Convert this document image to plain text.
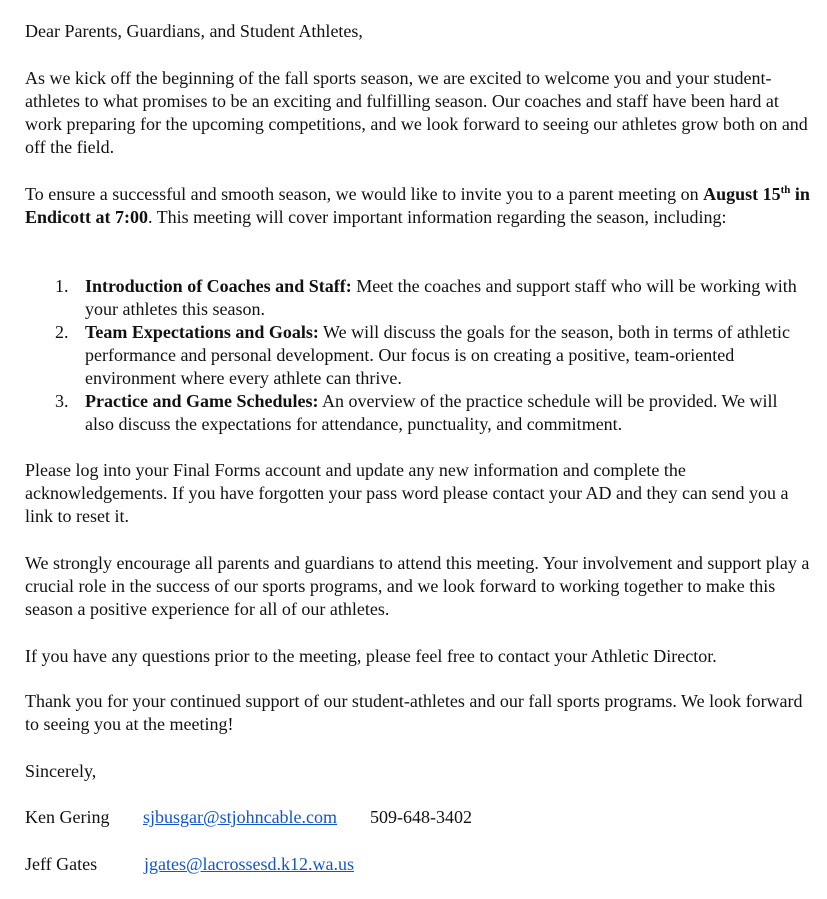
Dear Parents, Guardians, and Student Athletes,

As we kick off the beginning of the fall sports season, we are excited to welcome you and your student-athletes to what promises to be an exciting and fulfilling season. Our coaches and staff have been hard at work preparing for the upcoming competitions, and we look forward to seeing our athletes grow both on and off the field.

To ensure a successful and smooth season, we would like to invite you to a parent meeting on August 15th in Endicott at 7:00. This meeting will cover important information regarding the season, including:

1. Introduction of Coaches and Staff: Meet the coaches and support staff who will be working with your athletes this season.
2. Team Expectations and Goals: We will discuss the goals for the season, both in terms of athletic performance and personal development. Our focus is on creating a positive, team-oriented environment where every athlete can thrive.
3. Practice and Game Schedules: An overview of the practice schedule will be provided. We will also discuss the expectations for attendance, punctuality, and commitment.

Please log into your Final Forms account and update any new information and complete the acknowledgements. If you have forgotten your pass word please contact your AD and they can send you a link to reset it.

We strongly encourage all parents and guardians to attend this meeting. Your involvement and support play a crucial role in the success of our sports programs, and we look forward to working together to make this season a positive experience for all of our athletes.

If you have any questions prior to the meeting, please feel free to contact your Athletic Director.

Thank you for your continued support of our student-athletes and our fall sports programs. We look forward to seeing you at the meeting!

Sincerely,

Ken Gering sjbusgar@stjohncable.com 509-648-3402
Jeff Gates	jgates@lacrossesd.k12.wa.us
